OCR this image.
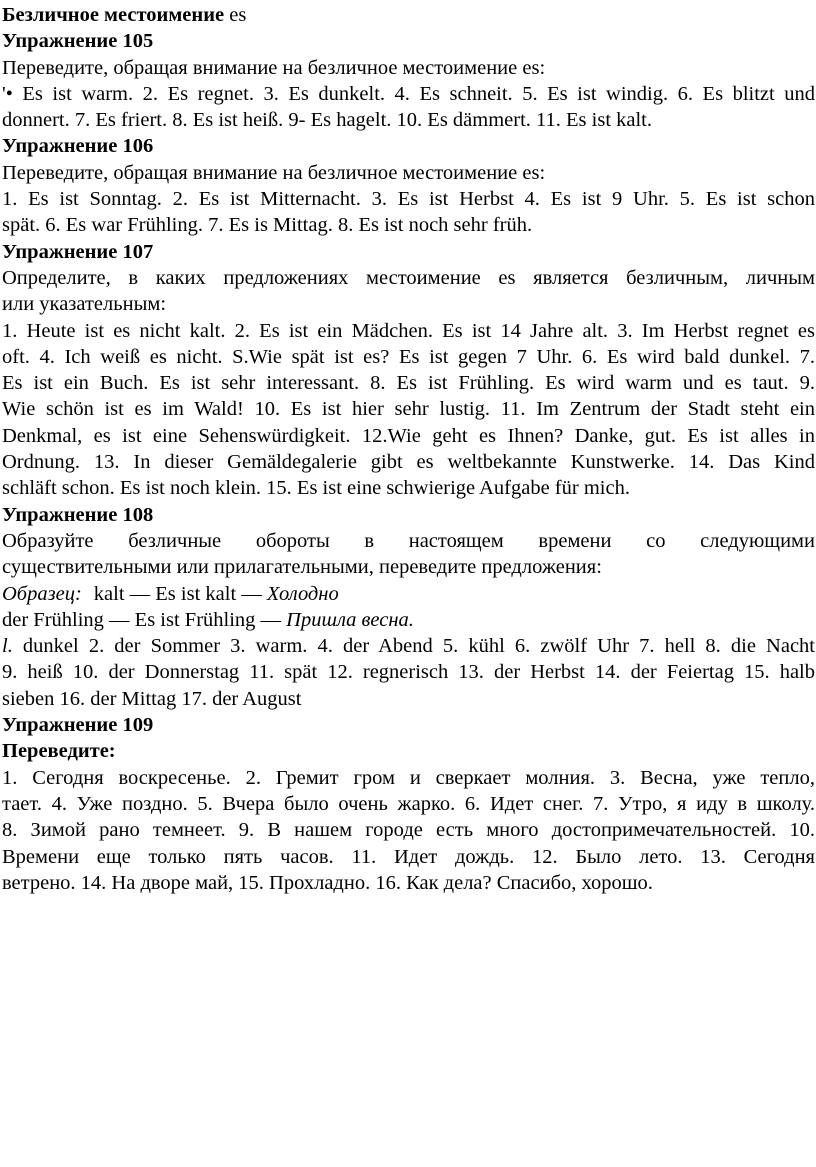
Безличное местоимение es
Упражнение 105
Переведите, обращая внимание на безличное местоимение es:
'• Es ist warm. 2. Es regnet. 3. Es dunkelt. 4. Es schneit. 5. Es ist windig. 6. Es blitzt und
donnert. 7. Es friert. 8. Es ist heiß. 9- Es hagelt. 10. Es dämmert. 11. Es ist kalt.
Упражнение 106
Переведите, обращая внимание на безличное местоимение es:
1. Es ist Sonntag. 2. Es ist Mitternacht. 3. Es ist Herbst 4. Es ist 9 Uhr. 5. Es ist schon
spät. 6. Es war Frühling. 7. Es is Mittag. 8. Es ist noch sehr früh.
Упражнение 107
Определите, в каких предложениях местоимение es является безличным, личным
или указательным:
1. Heute ist es nicht kalt. 2. Es ist ein Mädchen. Es ist 14 Jahre alt. 3. Im Herbst regnet es
oft. 4. Ich weiß es nicht. S.Wie spät ist es? Es ist gegen 7 Uhr. 6. Es wird bald dunkel. 7.
Es ist ein Buch. Es ist sehr interessant. 8. Es ist Frühling. Es wird warm und es taut. 9.
Wie schön ist es im Wald! 10. Es ist hier sehr lustig. 11. Im Zentrum der Stadt steht ein
Denkmal, es ist eine Sehenswürdigkeit. 12.Wie geht es Ihnen? Danke, gut. Es ist alles in
Ordnung. 13. In dieser Gemäldegalerie gibt es weltbekannte Kunstwerke. 14. Das Kind
schläft schon. Es ist noch klein. 15. Es ist eine schwierige Aufgabe für mich.
Упражнение 108
Образуйте безличные обороты в настоящем времени со следующими
существительными или прилагательными, переведите предложения:
Образец: kalt — Es ist kalt — Холодно
der Frühling — Es ist Frühling — Пришла весна.
l. dunkel 2. der Sommer 3. warm. 4. der Abend 5. kühl 6. zwölf Uhr 7. hell 8. die Nacht
9. heiß 10. der Donnerstag 11. spät 12. regnerisch 13. der Herbst 14. der Feiertag 15. halb
sieben 16. der Mittag 17. der August
Упражнение 109
Переведите:
1. Сегодня воскресенье. 2. Гремит гром и сверкает молния. 3. Весна, уже тепло,
тает. 4. Уже поздно. 5. Вчера было очень жарко. 6. Идет снег. 7. Утро, я иду в школу.
8. Зимой рано темнеет. 9. В нашем городе есть много достопримечательностей. 10.
Времени еще только пять часов. 11. Идет дождь. 12. Было лето. 13. Сегодня
ветрено. 14. На дворе май, 15. Прохладно. 16. Как дела? Спасибо, хорошо.
